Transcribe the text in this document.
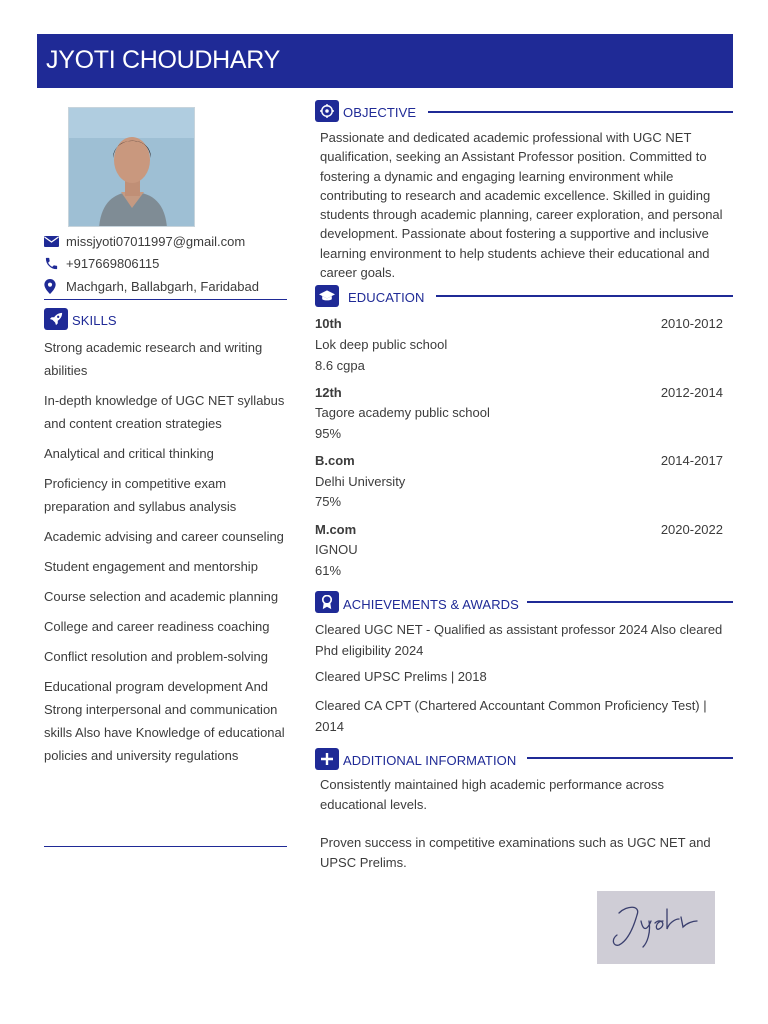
JYOTI CHOUDHARY
missjyoti07011997@gmail.com
+917669806115
Machgarh, Ballabgarh, Faridabad
SKILLS
Strong academic research and writing abilities
In-depth knowledge of UGC NET syllabus and content creation strategies
Analytical and critical thinking
Proficiency in competitive exam preparation and syllabus analysis
Academic advising and career counseling
Student engagement and mentorship
Course selection and academic planning
College and career readiness coaching
Conflict resolution and problem-solving
Educational program development And Strong interpersonal and communication skills Also have Knowledge of educational policies and university regulations
OBJECTIVE
Passionate and dedicated academic professional with UGC NET qualification, seeking an Assistant Professor position. Committed to fostering a dynamic and engaging learning environment while contributing to research and academic excellence. Skilled in guiding students through academic planning, career exploration, and personal development. Passionate about fostering a supportive and inclusive learning environment to help students achieve their educational and career goals.
EDUCATION
10th	2010-2012
Lok deep public school
8.6 cgpa
12th	2012-2014
Tagore academy public school
95%
B.com	2014-2017
Delhi University
75%
M.com	2020-2022
IGNOU
61%
ACHIEVEMENTS & AWARDS
Cleared UGC NET - Qualified as assistant professor 2024 Also cleared Phd eligibility 2024
Cleared UPSC Prelims | 2018
Cleared CA CPT (Chartered Accountant Common Proficiency Test) | 2014
ADDITIONAL INFORMATION
Consistently maintained high academic performance across educational levels.
Proven success in competitive examinations such as UGC NET and UPSC Prelims.
